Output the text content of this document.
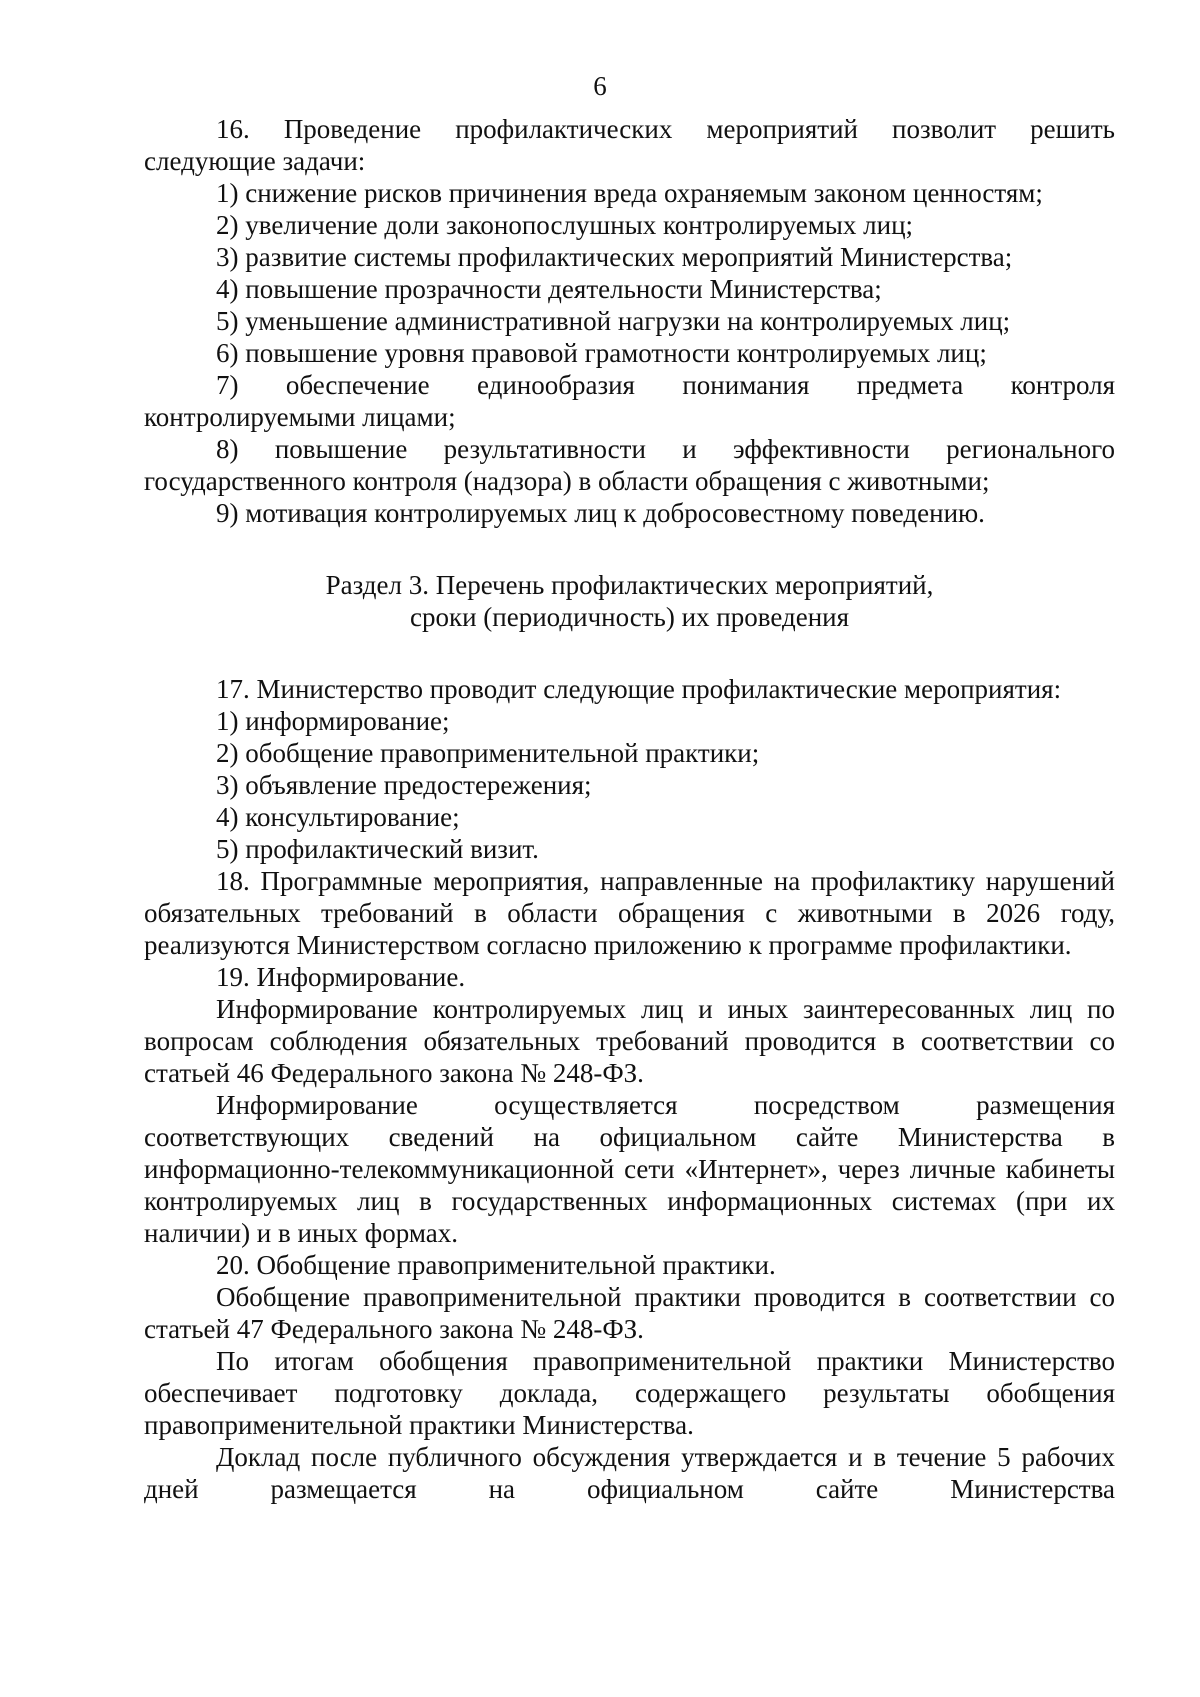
6

16. Проведение профилактических мероприятий позволит решить следующие задачи:

1) снижение рисков причинения вреда охраняемым законом ценностям;

2) увеличение доли законопослушных контролируемых лиц;

3) развитие системы профилактических мероприятий Министерства;

4) повышение прозрачности деятельности Министерства;

5) уменьшение административной нагрузки на контролируемых лиц;

6) повышение уровня правовой грамотности контролируемых лиц;

7) обеспечение единообразия понимания предмета контроля контролируемыми лицами;

8) повышение результативности и эффективности регионального государственного контроля (надзора) в области обращения с животными;

9) мотивация контролируемых лиц к добросовестному поведению.

Раздел 3. Перечень профилактических мероприятий,
сроки (периодичность) их проведения

17. Министерство проводит следующие профилактические мероприятия:

1) информирование;

2) обобщение правоприменительной практики;

3) объявление предостережения;

4) консультирование;

5) профилактический визит.

18. Программные мероприятия, направленные на профилактику нарушений обязательных требований в области обращения с животными в 2026 году, реализуются Министерством согласно приложению к программе профилактики.

19. Информирование.

Информирование контролируемых лиц и иных заинтересованных лиц по вопросам соблюдения обязательных требований проводится в соответствии со статьей 46 Федерального закона № 248-ФЗ.

Информирование осуществляется посредством размещения соответствующих сведений на официальном сайте Министерства в информационно-телекоммуникационной сети «Интернет», через личные кабинеты контролируемых лиц в государственных информационных системах (при их наличии) и в иных формах.

20. Обобщение правоприменительной практики.

Обобщение правоприменительной практики проводится в соответствии со статьей 47 Федерального закона № 248-ФЗ.

По итогам обобщения правоприменительной практики Министерство обеспечивает подготовку доклада, содержащего результаты обобщения правоприменительной практики Министерства.

Доклад после публичного обсуждения утверждается и в течение 5 рабочих дней размещается на официальном сайте Министерства
